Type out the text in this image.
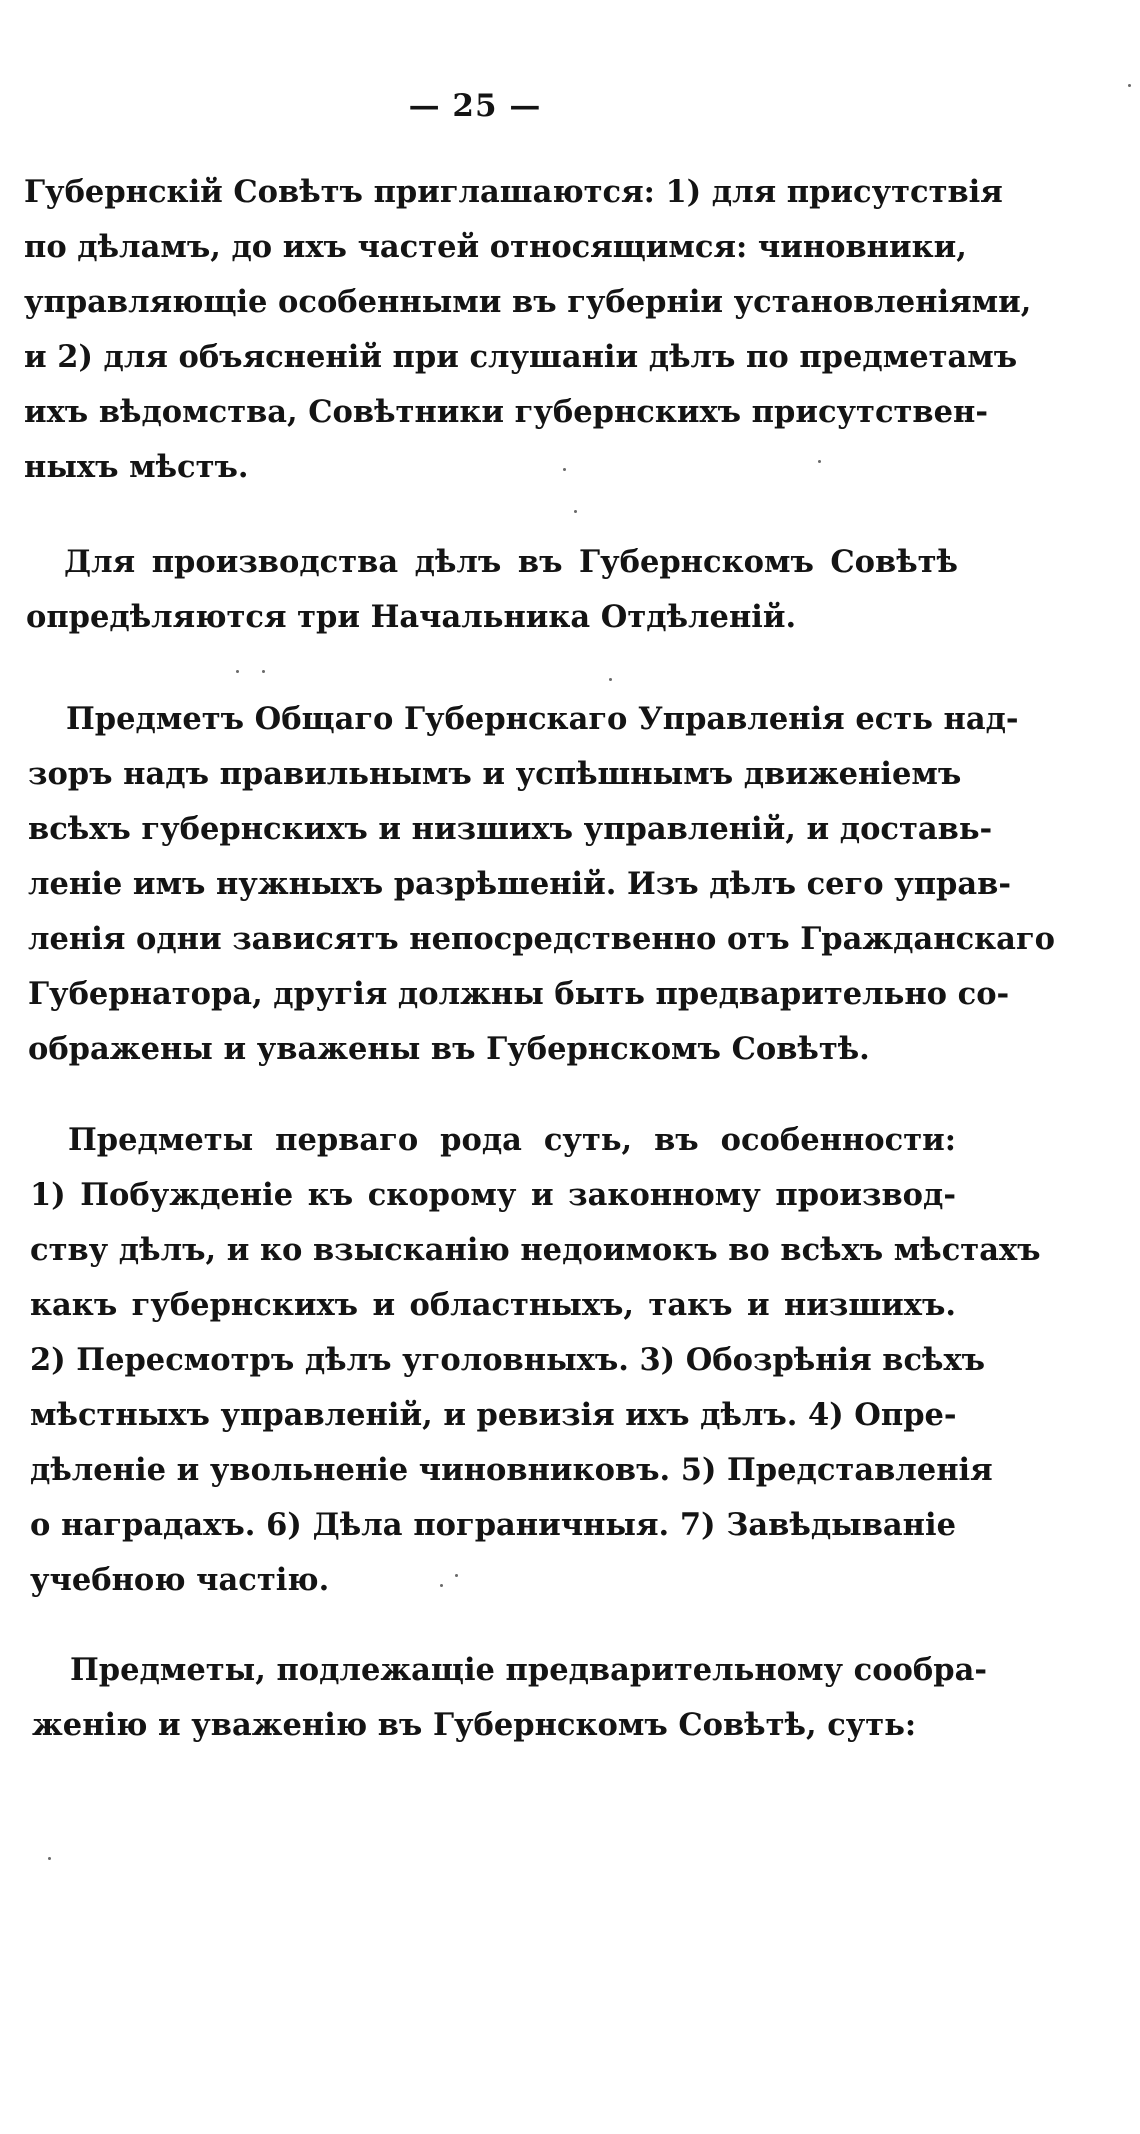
— 25 —
Губернскій Совѣтъ приглашаются: 1) для присутствія
по дѣламъ, до ихъ частей относящимся: чиновники,
управляющіе особенными въ губерніи установленіями,
и 2) для объясненій при слушаніи дѣлъ по предметамъ
ихъ вѣдомства, Совѣтники губернскихъ присутствен-
ныхъ мѣстъ.
Для производства дѣлъ въ Губернскомъ Совѣтѣ
опредѣляются три Начальника Отдѣленій.
Предметъ Общаго Губернскаго Управленія есть над-
зоръ надъ правильнымъ и успѣшнымъ движеніемъ
всѣхъ губернскихъ и низшихъ управленій, и доставь-
леніе имъ нужныхъ разрѣшеній. Изъ дѣлъ сего управ-
ленія одни зависятъ непосредственно отъ Гражданскаго
Губернатора, другія должны быть предварительно со-
ображены и уважены въ Губернскомъ Совѣтѣ.
Предметы перваго рода суть, въ особенности:
1) Побужденіе къ скорому и законному производ-
ству дѣлъ, и ко взысканію недоимокъ во всѣхъ мѣстахъ
какъ губернскихъ и областныхъ, такъ и низшихъ.
2) Пересмотръ дѣлъ уголовныхъ. 3) Обозрѣнія всѣхъ
мѣстныхъ управленій, и ревизія ихъ дѣлъ. 4) Опре-
дѣленіе и увольненіе чиновниковъ. 5) Представленія
о наградахъ. 6) Дѣла пограничныя. 7) Завѣдываніе
учебною частію.
Предметы, подлежащіе предварительному сообра-
женію и уваженію въ Губернскомъ Совѣтѣ, суть:
